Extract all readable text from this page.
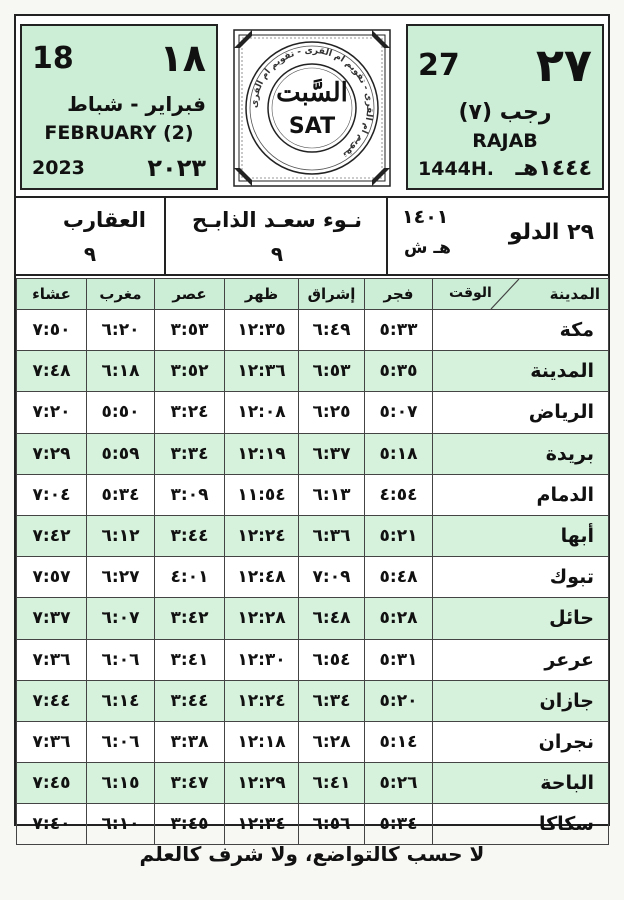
18 ١٨
فبراير - شباط
FEBRUARY (2)
2023	٢٠٢٣
تقويم ام القرى - تقويم ام القرى - تقويم ام القرى
السَّبت
SAT
27 ٢٧
رجب (٧)
RAJAB
1444H. ١٤٤٤هـ
العقارب
٩
نـوء سعـد الذابـح
٩
١٤٠١
هـ ش
٢٩ الدلو
عشاء	مغرب	عصر	ظهر	إشراق	فجر	الوقت المدينة

٧:٥٠	٦:٢٠	٣:٥٣	١٢:٣٥	٦:٤٩	٥:٣٣	مكة
٧:٤٨	٦:١٨	٣:٥٢	١٢:٣٦	٦:٥٣	٥:٣٥	المدينة
٧:٢٠	٥:٥٠	٣:٢٤	١٢:٠٨	٦:٢٥	٥:٠٧	الرياض
٧:٢٩	٥:٥٩	٣:٣٤	١٢:١٩	٦:٣٧	٥:١٨	بريدة
٧:٠٤	٥:٣٤	٣:٠٩	١١:٥٤	٦:١٣	٤:٥٤	الدمام
٧:٤٢	٦:١٢	٣:٤٤	١٢:٢٤	٦:٣٦	٥:٢١	أبها
٧:٥٧	٦:٢٧	٤:٠١	١٢:٤٨	٧:٠٩	٥:٤٨	تبوك
٧:٣٧	٦:٠٧	٣:٤٢	١٢:٢٨	٦:٤٨	٥:٢٨	حائل
٧:٣٦	٦:٠٦	٣:٤١	١٢:٣٠	٦:٥٤	٥:٣١	عرعر
٧:٤٤	٦:١٤	٣:٤٤	١٢:٢٤	٦:٣٤	٥:٢٠	جازان
٧:٣٦	٦:٠٦	٣:٣٨	١٢:١٨	٦:٢٨	٥:١٤	نجران
٧:٤٥	٦:١٥	٣:٤٧	١٢:٢٩	٦:٤١	٥:٢٦	الباحة
٧:٤٠	٦:١٠	٣:٤٥	١٢:٣٤	٦:٥٦	٥:٣٤	سكاكا
لا حسب كالتواضع، ولا شرف كالعلم
